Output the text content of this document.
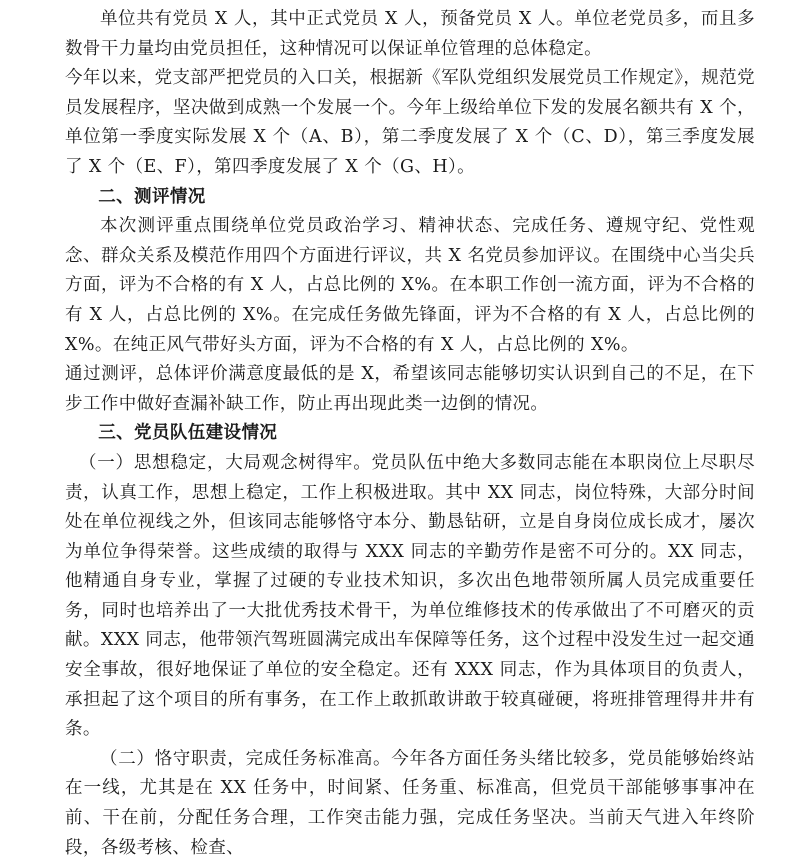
单位共有党员 X 人，其中正式党员 X 人，预备党员 X 人。单位老党员多，而且多数骨干力量均由党员担任，这种情况可以保证单位管理的总体稳定。

今年以来，党支部严把党员的入口关，根据新《军队党组织发展党员工作规定》，规范党员发展程序，坚决做到成熟一个发展一个。今年上级给单位下发的发展名额共有 X 个，单位第一季度实际发展 X 个（A、B），第二季度发展了 X 个（C、D），第三季度发展了 X 个（E、F），第四季度发展了 X 个（G、H）。

二、测评情况

本次测评重点围绕单位党员政治学习、精神状态、完成任务、遵规守纪、党性观念、群众关系及模范作用四个方面进行评议，共 X 名党员参加评议。在围绕中心当尖兵方面，评为不合格的有 X 人，占总比例的 X%。在本职工作创一流方面，评为不合格的有 X 人，占总比例的 X%。在完成任务做先锋面，评为不合格的有 X 人，占总比例的 X%。在纯正风气带好头方面，评为不合格的有 X 人，占总比例的 X%。

通过测评，总体评价满意度最低的是 X，希望该同志能够切实认识到自己的不足，在下步工作中做好查漏补缺工作，防止再出现此类一边倒的情况。

三、党员队伍建设情况

（一）思想稳定，大局观念树得牢。党员队伍中绝大多数同志能在本职岗位上尽职尽责，认真工作，思想上稳定，工作上积极进取。其中 XX 同志，岗位特殊，大部分时间处在单位视线之外，但该同志能够恪守本分、勤恳钻研，立是自身岗位成长成才，屡次为单位争得荣誉。这些成绩的取得与 XXX 同志的辛勤劳作是密不可分的。XX 同志，他精通自身专业，掌握了过硬的专业技术知识，多次出色地带领所属人员完成重要任务，同时也培养出了一大批优秀技术骨干，为单位维修技术的传承做出了不可磨灭的贡献。XXX 同志，他带领汽驾班圆满完成出车保障等任务，这个过程中没发生过一起交通安全事故，很好地保证了单位的安全稳定。还有 XXX 同志，作为具体项目的负责人，承担起了这个项目的所有事务，在工作上敢抓敢讲敢于较真碰硬，将班排管理得井井有条。

（二）恪守职责，完成任务标准高。今年各方面任务头绪比较多，党员能够始终站在一线，尤其是在 XX 任务中，时间紧、任务重、标准高，但党员干部能够事事冲在前、干在前，分配任务合理，工作突击能力强，完成任务坚决。当前天气进入年终阶段，各级考核、检查、
